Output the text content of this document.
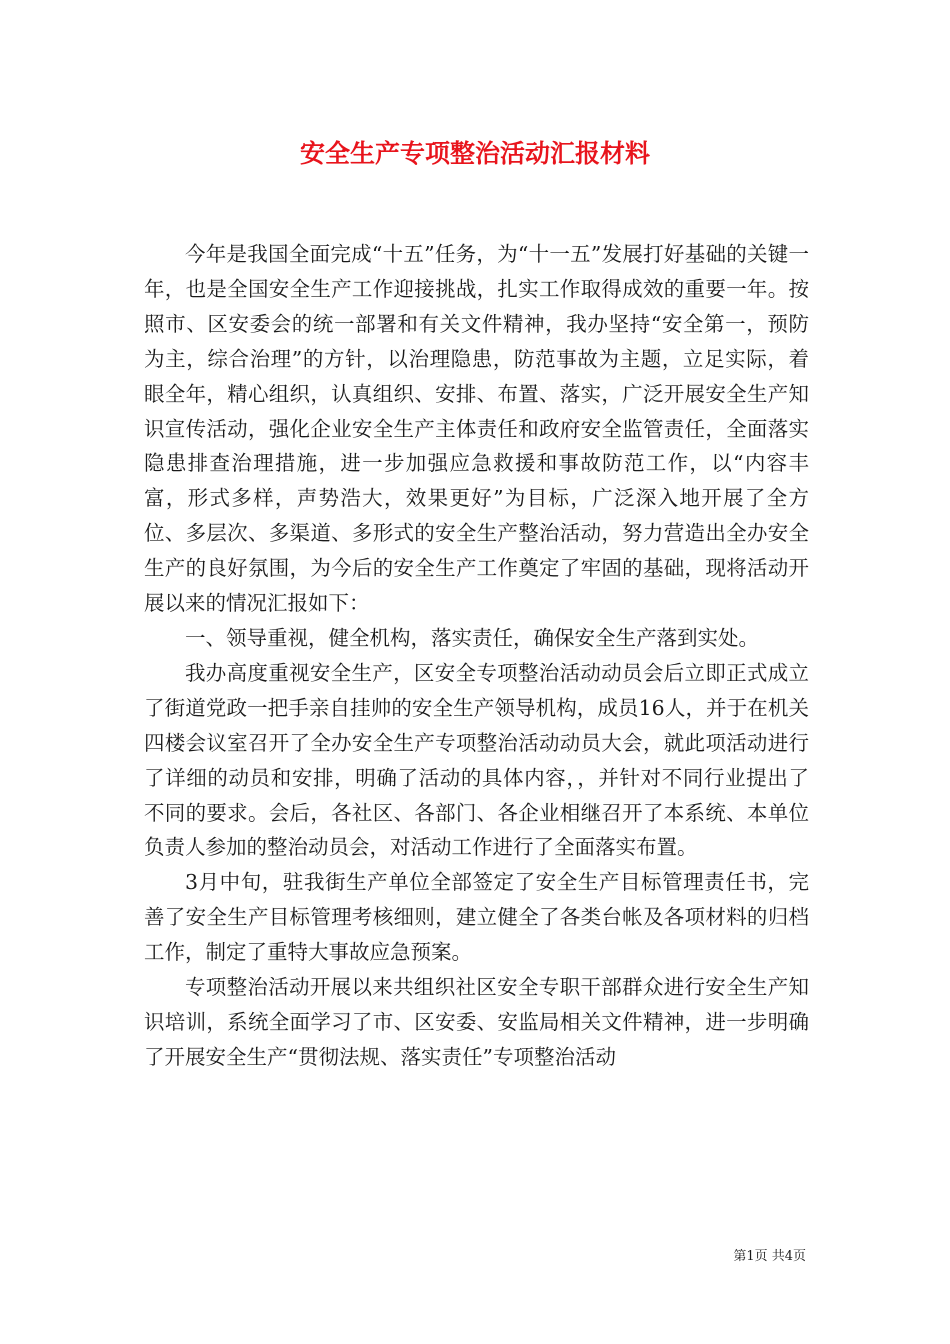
安全生产专项整治活动汇报材料

今年是我国全面完成“十五”任务，为“十一五”发展打好基础的关键一年，也是全国安全生产工作迎接挑战，扎实工作取得成效的重要一年。按照市、区安委会的统一部署和有关文件精神，我办坚持“安全第一，预防为主，综合治理”的方针，以治理隐患，防范事故为主题，立足实际，着眼全年，精心组织，认真组织、安排、布置、落实，广泛开展安全生产知识宣传活动，强化企业安全生产主体责任和政府安全监管责任，全面落实隐患排查治理措施，进一步加强应急救援和事故防范工作，以“内容丰富，形式多样，声势浩大，效果更好”为目标，广泛深入地开展了全方位、多层次、多渠道、多形式的安全生产整治活动，努力营造出全办安全生产的良好氛围，为今后的安全生产工作奠定了牢固的基础，现将活动开展以来的情况汇报如下：

一、领导重视，健全机构，落实责任，确保安全生产落到实处。

我办高度重视安全生产，区安全专项整治活动动员会后立即正式成立了街道党政一把手亲自挂帅的安全生产领导机构，成员16人，并于在机关四楼会议室召开了全办安全生产专项整治活动动员大会，就此项活动进行了详细的动员和安排，明确了活动的具体内容，，并针对不同行业提出了不同的要求。会后，各社区、各部门、各企业相继召开了本系统、本单位负责人参加的整治动员会，对活动工作进行了全面落实布置。

3月中旬，驻我街生产单位全部签定了安全生产目标管理责任书，完善了安全生产目标管理考核细则，建立健全了各类台帐及各项材料的归档工作，制定了重特大事故应急预案。

专项整治活动开展以来共组织社区安全专职干部群众进行安全生产知识培训，系统全面学习了市、区安委、安监局相关文件精神，进一步明确了开展安全生产“贯彻法规、落实责任”专项整治活动

第1页 共4页
